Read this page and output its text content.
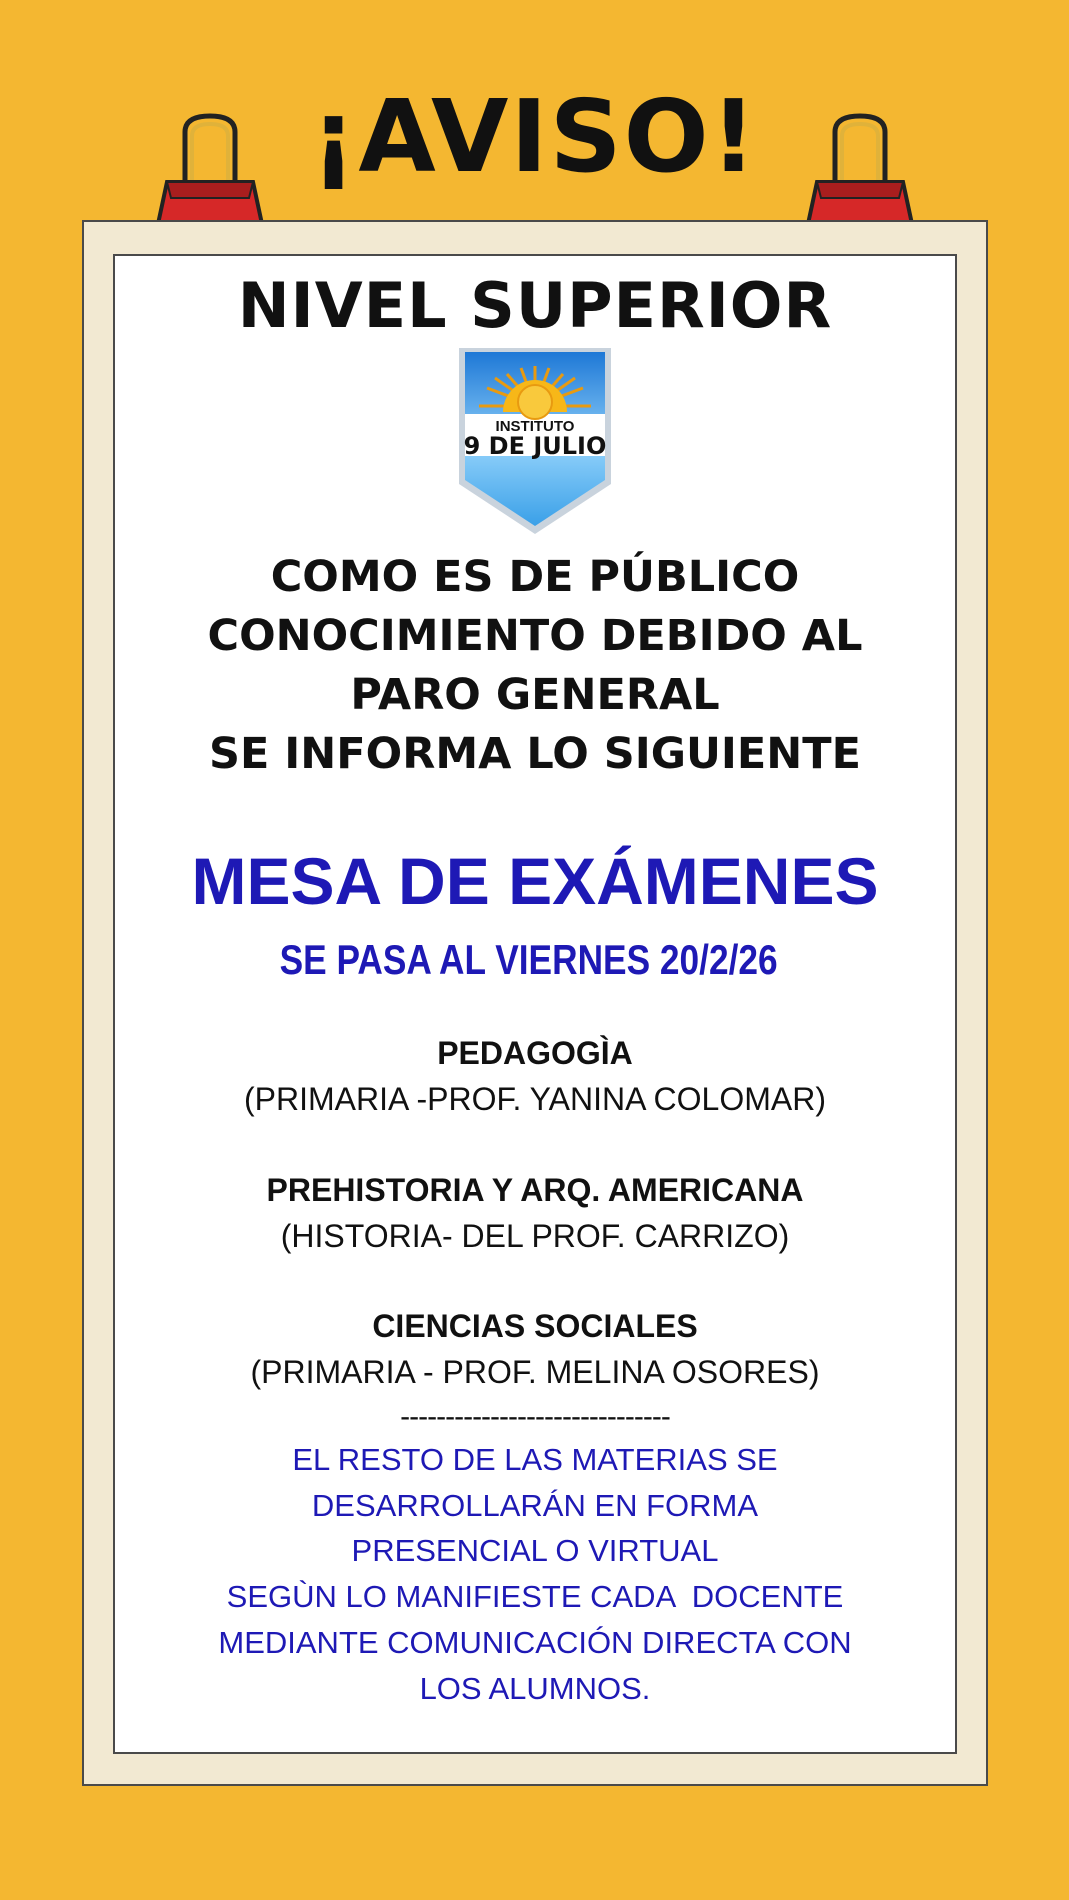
¡AVISO!
NIVEL SUPERIOR
INSTITUTO
9 DE JULIO
COMO ES DE PÚBLICO
CONOCIMIENTO DEBIDO AL
PARO GENERAL
SE INFORMA LO SIGUIENTE
MESA DE EXÁMENES

SE PASA AL VIERNES 20/2/26

PEDAGOGÌA
(PRIMARIA -PROF. YANINA COLOMAR)
PREHISTORIA Y ARQ. AMERICANA
(HISTORIA- DEL PROF. CARRIZO)
CIENCIAS SOCIALES
(PRIMARIA - PROF. MELINA OSORES)
------------------------------
EL RESTO DE LAS MATERIAS SE
DESARROLLARÁN EN FORMA
PRESENCIAL O VIRTUAL
SEGÙN LO MANIFIESTE CADA  DOCENTE
MEDIANTE COMUNICACIÓN DIRECTA CON
LOS ALUMNOS.
